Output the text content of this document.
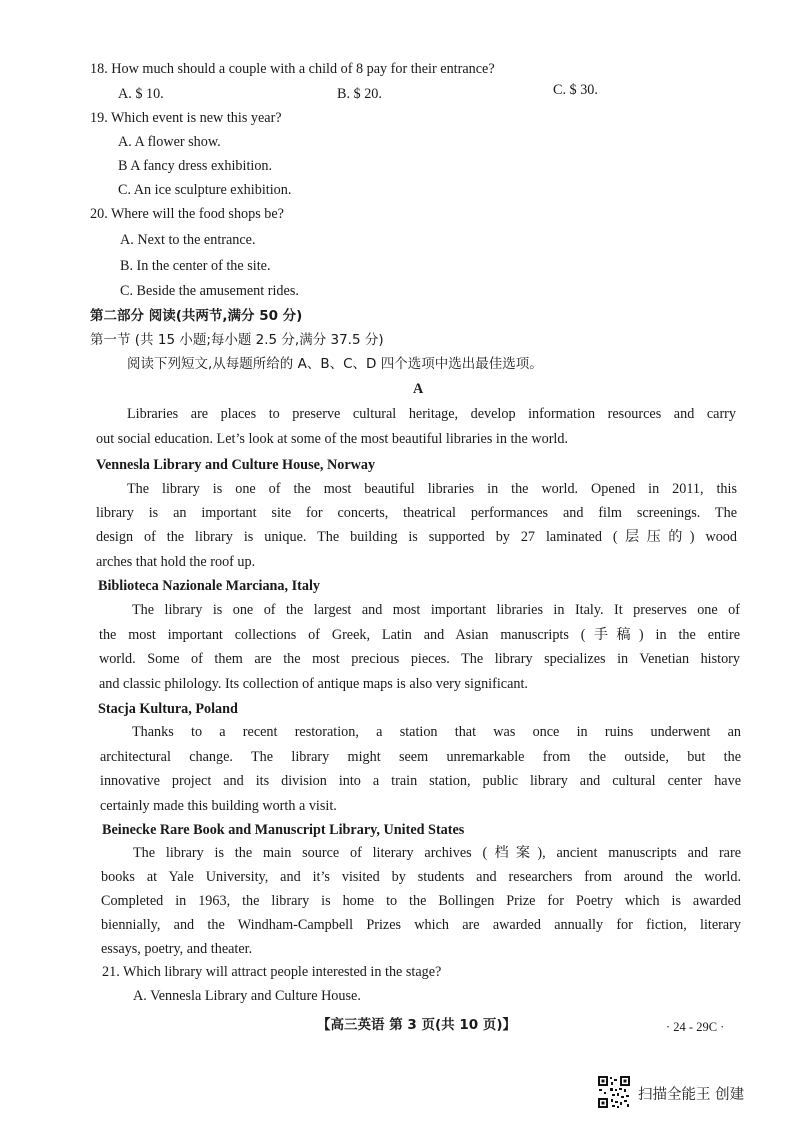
18. How much should a couple with a child of 8 pay for their entrance?
A. $ 10.	B. $ 20.	C. $ 30.
19. Which event is new this year?
A. A flower show.
B A fancy dress exhibition.
C. An ice sculpture exhibition.
20. Where will the food shops be?
A. Next to the entrance.
B. In the center of the site.
C. Beside the amusement rides.
第二部分 阅读(共两节,满分 50 分)
第一节 (共 15 小题;每小题 2.5 分,满分 37.5 分)
阅读下列短文,从每题所给的 A、B、C、D 四个选项中选出最佳选项。
A
Libraries are places to preserve cultural heritage, develop information resources and carry
out social education. Let’s look at some of the most beautiful libraries in the world.
Vennesla Library and Culture House, Norway
The library is one of the most beautiful libraries in the world. Opened in 2011, this
library is an important site for concerts, theatrical performances and film screenings. The
design of the library is unique. The building is supported by 27 laminated (层压的) wood
arches that hold the roof up.
Biblioteca Nazionale Marciana, Italy
The library is one of the largest and most important libraries in Italy. It preserves one of
the most important collections of Greek, Latin and Asian manuscripts (手稿) in the entire
world. Some of them are the most precious pieces. The library specializes in Venetian history
and classic philology. Its collection of antique maps is also very significant.
Stacja Kultura, Poland
Thanks to a recent restoration, a station that was once in ruins underwent an
architectural change. The library might seem unremarkable from the outside, but the
innovative project and its division into a train station, public library and cultural center have
certainly made this building worth a visit.
Beinecke Rare Book and Manuscript Library, United States
The library is the main source of literary archives (档案), ancient manuscripts and rare
books at Yale University, and it’s visited by students and researchers from around the world.
Completed in 1963, the library is home to the Bollingen Prize for Poetry which is awarded
biennially, and the Windham-Campbell Prizes which are awarded annually for fiction, literary
essays, poetry, and theater.
21. Which library will attract people interested in the stage?
A. Vennesla Library and Culture House.
【高三英语 第 3 页(共 10 页)】	· 24 - 29C ·
扫描全能王 创建
